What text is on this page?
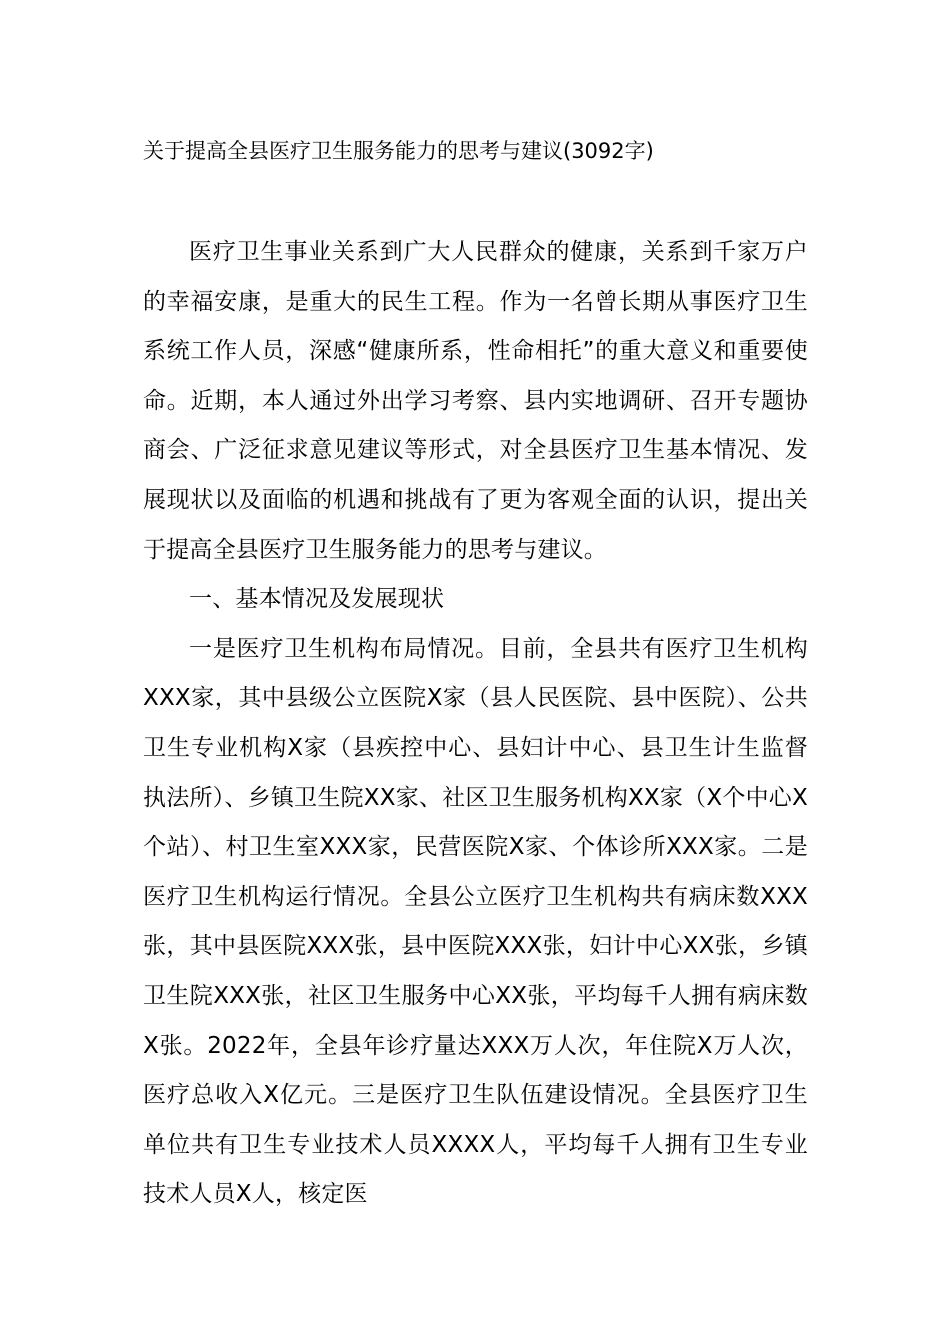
关于提高全县医疗卫生服务能力的思考与建议(3092字)

医疗卫生事业关系到广大人民群众的健康，关系到千家万户的幸福安康，是重大的民生工程。作为一名曾长期从事医疗卫生系统工作人员，深感“健康所系，性命相托”的重大意义和重要使命。近期，本人通过外出学习考察、县内实地调研、召开专题协商会、广泛征求意见建议等形式，对全县医疗卫生基本情况、发展现状以及面临的机遇和挑战有了更为客观全面的认识，提出关于提高全县医疗卫生服务能力的思考与建议。

一、基本情况及发展现状

一是医疗卫生机构布局情况。目前，全县共有医疗卫生机构XXX家，其中县级公立医院X家（县人民医院、县中医院）、公共卫生专业机构X家（县疾控中心、县妇计中心、县卫生计生监督执法所）、乡镇卫生院XX家、社区卫生服务机构XX家（X个中心X个站）、村卫生室XXX家，民营医院X家、个体诊所XXX家。二是医疗卫生机构运行情况。全县公立医疗卫生机构共有病床数XXX张，其中县医院XXX张，县中医院XXX张，妇计中心XX张，乡镇卫生院XXX张，社区卫生服务中心XX张，平均每千人拥有病床数X张。2022年，全县年诊疗量达XXX万人次，年住院X万人次，医疗总收入X亿元。三是医疗卫生队伍建设情况。全县医疗卫生单位共有卫生专业技术人员XXXX人，平均每千人拥有卫生专业技术人员X人，核定医
